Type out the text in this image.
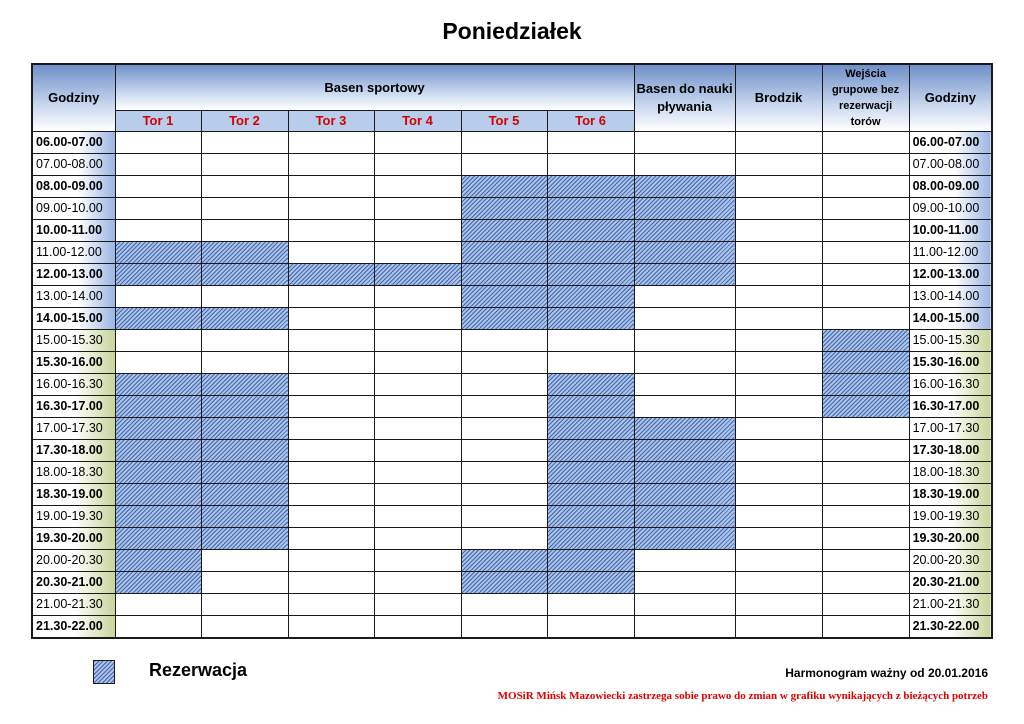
Poniedziałek
Godziny	Basen sportowy						Basen do nauki pływania	Brodzik	Wejścia grupowe bez rezerwacji torów	Godziny
	Tor 1	Tor 2	Tor 3	Tor 4	Tor 5	Tor 6				
06.00-07.00										06.00-07.00
07.00-08.00										07.00-08.00
08.00-09.00										08.00-09.00
09.00-10.00										09.00-10.00
10.00-11.00										10.00-11.00
11.00-12.00										11.00-12.00
12.00-13.00										12.00-13.00
13.00-14.00										13.00-14.00
14.00-15.00										14.00-15.00
15.00-15.30										15.00-15.30
15.30-16.00										15.30-16.00
16.00-16.30										16.00-16.30
16.30-17.00										16.30-17.00
17.00-17.30										17.00-17.30
17.30-18.00										17.30-18.00
18.00-18.30										18.00-18.30
18.30-19.00										18.30-19.00
19.00-19.30										19.00-19.30
19.30-20.00										19.30-20.00
20.00-20.30										20.00-20.30
20.30-21.00										20.30-21.00
21.00-21.30										21.00-21.30
21.30-22.00										21.30-22.00
Rezerwacja	Harmonogram ważny od 20.01.2016
MOSiR Mińsk Mazowiecki zastrzega sobie prawo do zmian w grafiku wynikających z bieżących potrzeb
